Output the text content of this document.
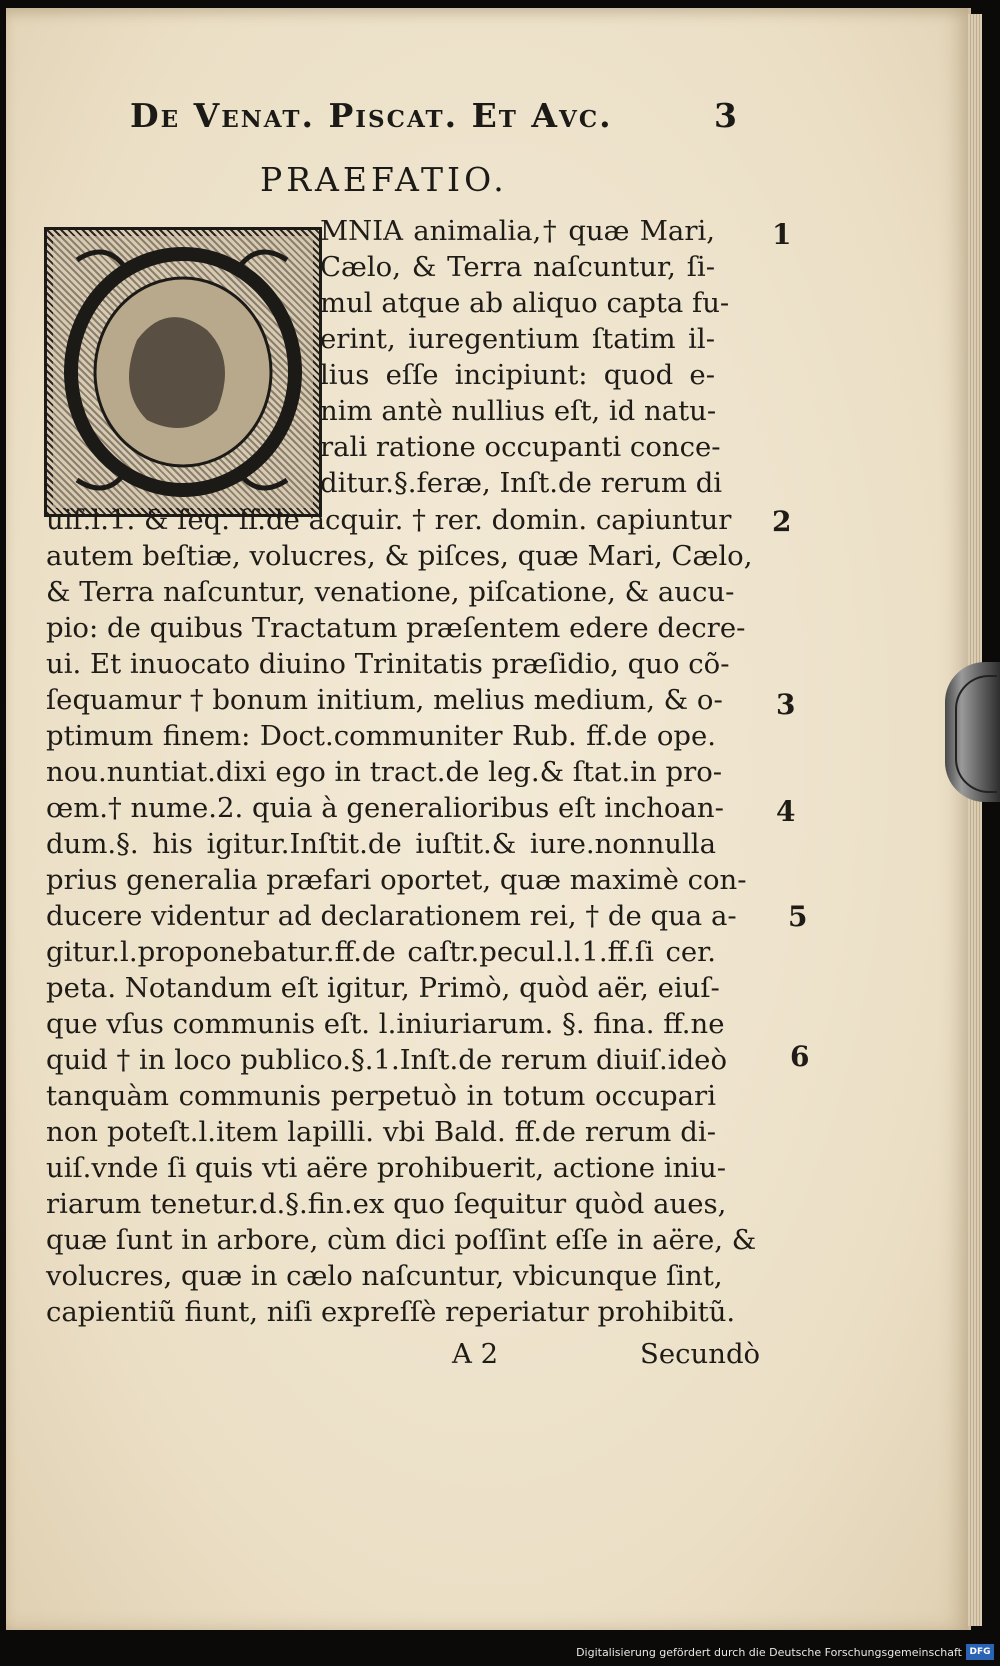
De Venat. Piscat. Et Avc.	3
PRAEFATIO.
MNIA animalia,† quæ Mari,
Cælo, & Terra naſcuntur, ſi-
mul atque ab aliquo capta fu-
erint, iuregentium ſtatim il-
lius eſſe incipiunt: quod e-
nim antè nullius eſt, id natu-
rali ratione occupanti conce-
ditur.§.feræ, Inſt.de rerum di
uiſ.l.1. & ſeq. ff.de acquir. † rer. domin. capiuntur
autem beſtiæ, volucres, & piſces, quæ Mari, Cælo,
& Terra naſcuntur, venatione, piſcatione, & aucu-
pio: de quibus Tractatum præſentem edere decre-
ui. Et inuocato diuino Trinitatis præſidio, quo cõ-
ſequamur † bonum initium, melius medium, & o-
ptimum finem: Doct.communiter Rub. ff.de ope.
nou.nuntiat.dixi ego in tract.de leg.& ſtat.in pro-
œm.† nume.2. quia à generalioribus eſt inchoan-
dum.§. his igitur.Inſtit.de iuſtit.& iure.nonnulla
prius generalia præfari oportet, quæ maximè con-
ducere videntur ad declarationem rei, † de qua a-
gitur.l.proponebatur.ff.de caſtr.pecul.l.1.ff.ſi cer.
peta. Notandum eſt igitur, Primò, quòd aër, eiuſ-
que vſus communis eſt. l.iniuriarum. §. fina. ff.ne
quid † in loco publico.§.1.Inſt.de rerum diuiſ.ideò
tanquàm communis perpetuò in totum occupari
non poteſt.l.item lapilli. vbi Bald. ff.de rerum di-
uiſ.vnde ſi quis vti aëre prohibuerit, actione iniu-
riarum tenetur.d.§.fin.ex quo ſequitur quòd aues,
quæ ſunt in arbore, cùm dici poſſint eſſe in aëre, &
volucres, quæ in cælo naſcuntur, vbicunque ſint,
capientiũ fiunt, niſi expreſſè reperiatur prohibitũ.
1
2
3
4
5
6
A 2	Secundò
Digitalisierung gefördert durch die Deutsche Forschungsgemeinschaft DFG
